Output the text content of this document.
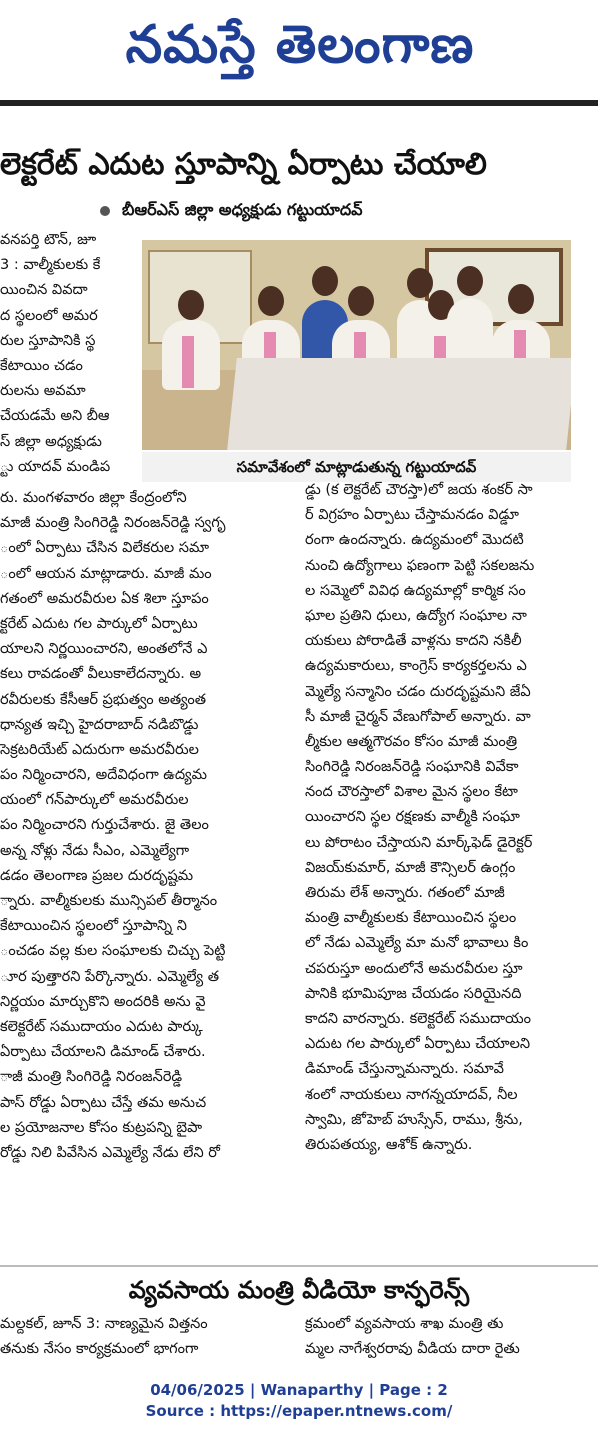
నమస్తే తెలంగాణ
లెక్టరేట్ ఎదుట స్తూపాన్ని ఏర్పాటు చేయాలి
బీఆర్ఎస్ జిల్లా అధ్యక్షుడు గట్టుయాదవ్
వనపర్తి టౌన్, జూ
3 : వాల్మీకులకు కే
యించిన వివదా
ద స్థలంలో అమర
రుల స్తూపానికి స్థ
కేటాయిం చడం
రులను అవమా
చేయడమే అని బీఆ
స్ జిల్లా అధ్యక్షుడు
్టు యాదవ్ మండిప	సమావేశంలో మాట్లాడుతున్న గట్టుయాదవ్
రు. మంగళవారం జిల్లా కేంద్రంలోని
మాజీ మంత్రి సింగిరెడ్డి నిరంజన్‌రెడ్డి స్వగృ
ంలో ఏర్పాటు చేసిన విలేకరుల సమా
ంలో ఆయన మాట్లాడారు. మాజీ మం
గతంలో అమరవీరుల ఏక శిలా స్తూపం
క్టరేట్ ఎదుట గల పార్కులో ఏర్పాటు
యాలని నిర్ణయించారని, అంతలోనే ఎ
కలు రావడంతో వీలుకాలేదన్నారు. అ
రవీరులకు కేసీఆర్ ప్రభుత్వం అత్యంత
ధాన్యత ఇచ్చి హైదరాబాద్ నడిబొడ్డు
సెక్రటరియేట్ ఎదురుగా అమరవీరుల
పం నిర్మించారని, అదేవిధంగా ఉద్యమ
యంలో గన్‌పార్కులో అమరవీరుల
పం నిర్మించారని గుర్తుచేశారు. జై తెలం
అన్న నోళ్లు నేడు సీఎం, ఎమ్మెల్యేగా
డడం తెలంగాణ ప్రజల దురదృష్టమ
్నారు. వాల్మీకులకు మున్సిపల్ తీర్మానం
కేటాయించిన స్థలంలో స్తూపాన్ని ని
ంచడం వల్ల కుల సంఘాలకు చిచ్చు పెట్టి
ూర పుత్తారని పేర్కొన్నారు. ఎమ్మెల్యే త
నిర్ణయం మార్చుకొని అందరికి అను వై
కలెక్టరేట్ సముదాయం ఎదుట పార్కు
ఏర్పాటు చేయాలని డిమాండ్ చేశారు.
ాజీ మంత్రి సింగిరెడ్డి నిరంజన్‌రెడ్డి
పాస్ రోడ్డు ఏర్పాటు చేస్తే తమ అనుచ
ల ప్రయోజనాల కోసం కుట్రపన్ని బైపా
రోడ్డు నిలి పివేసిన ఎమ్మెల్యే నేడు లేని రో
డ్డు (క లెక్టరేట్ చౌరస్తా)లో జయ శంకర్ సా
ర్ విగ్రహం ఏర్పాటు చేస్తామనడం విడ్డూ
రంగా ఉందన్నారు. ఉద్యమంలో మొదటి
నుంచి ఉద్యోగాలు ఫణంగా పెట్టి సకలజను
ల సమ్మెలో వివిధ ఉద్యమాల్లో కార్మిక సం
ఘాల ప్రతిని ధులు, ఉద్యోగ సంఘాల నా
యకులు పోరాడితే వాళ్లను కాదని నకిలీ
ఉద్యమకారులు, కాంగ్రెస్ కార్యకర్తలను ఎ
మ్మెల్యే సన్మానిం చడం దురదృష్టమని జేఏ
సీ మాజీ చైర్మన్ వేణుగోపాల్ అన్నారు. వా
ల్మీకుల ఆత్మగౌరవం కోసం మాజీ మంత్రి
సింగిరెడ్డి నిరంజన్‌రెడ్డి సంఘానికి వివేకా
నంద చౌరస్తాలో విశాల మైన స్థలం కేటా
యించారని స్థల రక్షణకు వాల్మీకి సంఘా
లు పోరాటం చేస్తాయని మార్క్‌ఫెడ్ డైరెక్టర్
విజయ్‌కుమార్, మాజీ కౌన్సిలర్ ఉంగ్లం
తిరుమ లేశ్ అన్నారు. గతంలో మాజీ
మంత్రి వాల్మీకులకు కేటాయించిన స్థలం
లో నేడు ఎమ్మెల్యే మా మనో భావాలు కిం
చపరుస్తూ అందులోనే అమరవీరుల స్తూ
పానికి భూమిపూజ చేయడం సరియైనది
కాదని వారన్నారు. కలెక్టరేట్ సముదాయం
ఎదుట గల పార్కులో ఏర్పాటు చేయాలని
డిమాండ్ చేస్తున్నామన్నారు. సమావే
శంలో నాయకులు నాగన్నయాదవ్, నీల
స్వామి, జోహెబ్ హుస్సేన్, రాము, శ్రీను,
తిరుపతయ్య, ఆశోక్ ఉన్నారు.
వ్యవసాయ మంత్రి వీడియో కాన్ఫరెన్స్
మల్దకల్, జూన్ 3: నాణ్యమైన విత్తనం
తనుకు నేసం కార్యక్రమంలో భాగంగా
క్రమంలో వ్యవసాయ శాఖ మంత్రి తు
మ్మల నాగేశ్వరరావు వీడియ దారా రైతు
04/06/2025 | Wanaparthy | Page : 2
Source : https://epaper.ntnews.com/
